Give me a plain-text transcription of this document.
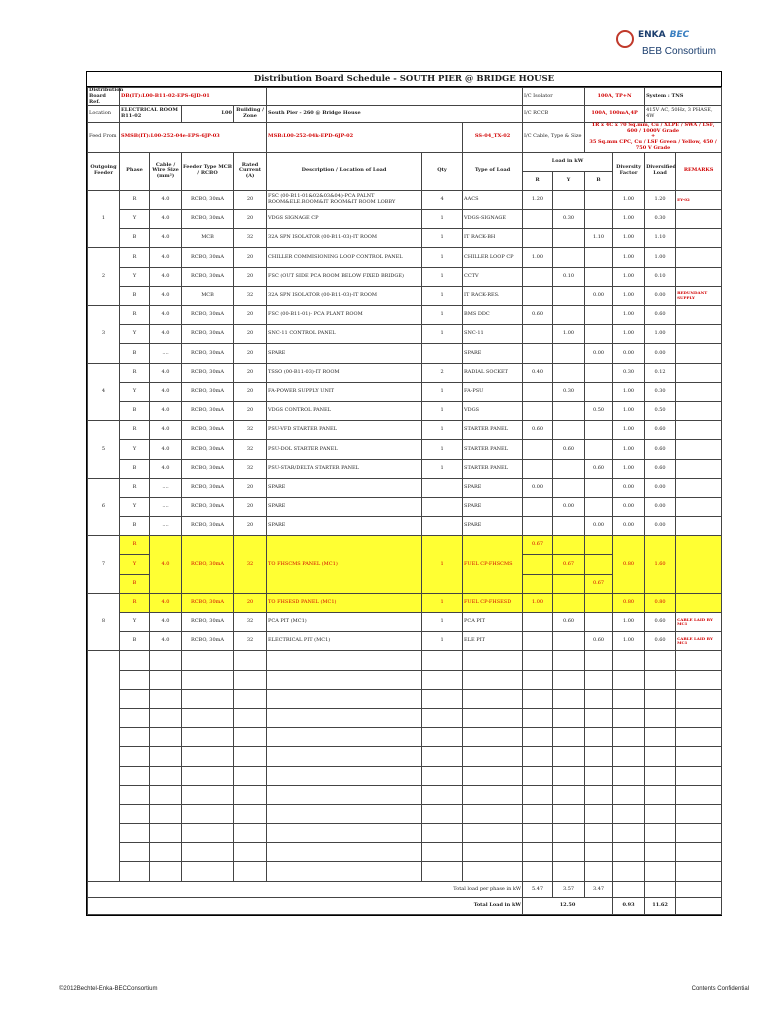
ENKA BEC
BEB Consortium
Distribution Board Schedule - SOUTH PIER @ BRIDGE HOUSE
Distribution Board Ref.	DB(IT):L00-B11-02-EPS-6JD-01							I/C Isolator		100A, TP+N		System : TNS	
Location	ELECTRICAL ROOM B11-02		L00	Building / Zone	South Pier - 260 @ Bridge House			I/C RCCB		100A, 100mA,4P		415V AC, 50Hz, 3 PHASE, 4W	
Feed From	SMSB(IT):L00-252-04e-EPS-6JP-03				MSB:L00-252-04k-EPD-6JP-02		SS-04_TX-02	I/C Cable, Type & Size		1R x 4C x 70 Sq.mm, Cu / XLPE / SWA / LSF, 600 / 1000V Grade
+
35 Sq.mm CPC, Cu / LSF Green / Yellow, 450 / 750 V Grade			

Outgoing Feeder	Phase	Cable / Wire Size (mm²)	Feeder Type MCB / RCBO	Rated Current (A)	Description / Location of Load	Qty	Type of Load	Load in kW			Diversity Factor	Diversified Load	REMARKS
								R	Y	B			
1	R	4.0	RCBO, 30mA	20	FSC (00-B11-01&02&03&04)-PCA PALNT ROOM&ELE.ROOM&IT ROOM&IT ROOM LOBBY	4	AACS	1.20			1.00	1.20	EY-02
	Y	4.0	RCBO, 30mA	20	VDGS SIGNAGE CP	1	VDGS-SIGNAGE		0.30		1.00	0.30	
	B	4.0	MCB	32	32A SPN ISOLATOR (00-B11-03)-IT ROOM	1	IT RACK-BH			1.10	1.00	1.10	
2	R	4.0	RCBO, 30mA	20	CHILLER COMMISIONING LOOP CONTROL PANEL	1	CHILLER LOOP CP	1.00			1.00	1.00	
	Y	4.0	RCBO, 30mA	20	FSC (OUT SIDE PCA ROOM BELOW FIXED BRIDGE)	1	CCTV		0.10		1.00	0.10	
	B	4.0	MCB	32	32A SPN ISOLATOR (00-B11-03)-IT ROOM	1	IT RACK-RES.			0.00	1.00	0.00	REDUNDANT SUPPLY
3	R	4.0	RCBO, 30mA	20	FSC (00-B11-01)- PCA PLANT ROOM	1	BMS DDC	0.60			1.00	0.60	
	Y	4.0	RCBO, 30mA	20	SNC-11 CONTROL PANEL	1	SNC-11		1.00		1.00	1.00	
	B	....	RCBO, 30mA	20	SPARE		SPARE			0.00	0.00	0.00	
4	R	4.0	RCBO, 30mA	20	TSSO (00-B11-03)-IT ROOM	2	RADIAL SOCKET	0.40			0.30	0.12	
	Y	4.0	RCBO, 30mA	20	FA-POWER SUPPLY UNIT	1	FA-PSU		0.30		1.00	0.30	
	B	4.0	RCBO, 30mA	20	VDGS CONTROL PANEL	1	VDGS			0.50	1.00	0.50	
5	R	4.0	RCBO, 30mA	32	PSU-VFD STARTER PANEL	1	STARTER PANEL	0.60			1.00	0.60	
	Y	4.0	RCBO, 30mA	32	PSU-DOL STARTER PANEL	1	STARTER PANEL		0.60		1.00	0.60	
	B	4.0	RCBO, 30mA	32	PSU-STAR/DELTA STARTER PANEL	1	STARTER PANEL			0.60	1.00	0.60	
6	R	....	RCBO, 30mA	20	SPARE		SPARE	0.00			0.00	0.00	
	Y	....	RCBO, 30mA	20	SPARE		SPARE		0.00		0.00	0.00	
	B	....	RCBO, 30mA	20	SPARE		SPARE			0.00	0.00	0.00	
7	R	4.0	RCBO, 30mA	32	TO FHSCMS PANEL (MC1)	1	FUEL CP-FHSCMS	0.67			0.80	1.60	
	Y								0.67				
	B									0.67			
8	R	4.0	RCBO, 30mA	20	TO FHSESD PANEL (MC1)	1	FUEL CP-FHSESD	1.00			0.80	0.80	
	Y	4.0	RCBO, 30mA	32	PCA PIT (MC1)	1	PCA PIT		0.60		1.00	0.60	CABLE LAID BY MC1
	B	4.0	RCBO, 30mA	32	ELECTRICAL PIT (MC1)	1	ELE PIT			0.60	1.00	0.60	CABLE LAID BY MC1

Total load per phase in kW								5.47	3.57	3.47			
Total Load in kW								12.50			0.93	11.62	
©2012Bechtel-Enka-BECConsortium	Contents Confidential
